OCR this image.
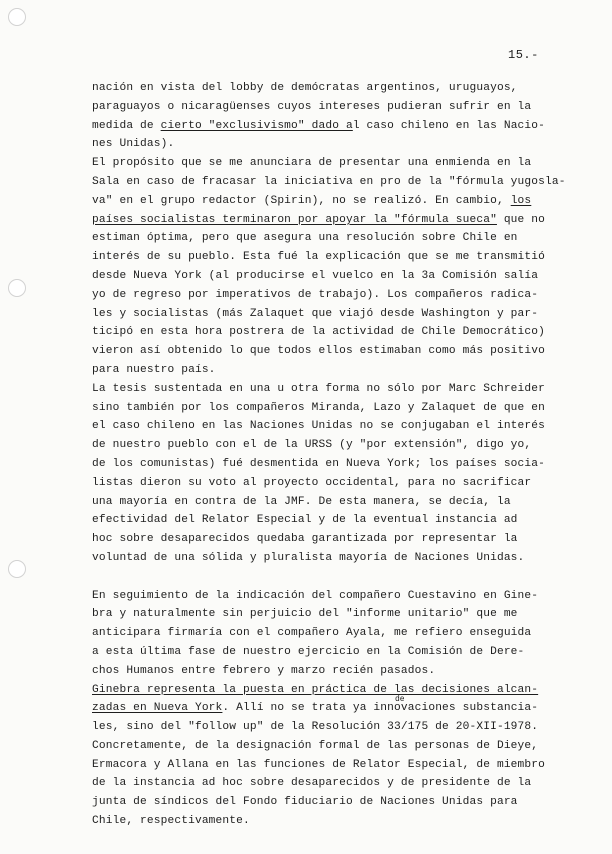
15.-
nación en vista del lobby de demócratas argentinos, uruguayos,
paraguayos o nicaragüenses cuyos intereses pudieran sufrir en la
medida de cierto "exclusivismo" dado al caso chileno en las Nacio-
nes Unidas).
El propósito que se me anunciara de presentar una enmienda en la
Sala en caso de fracasar la iniciativa en pro de la "fórmula yugosla-
va" en el grupo redactor (Spirin), no se realizó. En cambio, los
países socialistas terminaron por apoyar la "fórmula sueca" que no
estiman óptima, pero que asegura una resolución sobre Chile en
interés de su pueblo. Esta fué la explicación que se me transmitió
desde Nueva York (al producirse el vuelco en la 3a Comisión salía
yo de regreso por imperativos de trabajo). Los compañeros radica-
les y socialistas (más Zalaquet que viajó desde Washington y par-
ticipó en esta hora postrera de la actividad de Chile Democrático)
vieron así obtenido lo que todos ellos estimaban como más positivo
para nuestro país.
La tesis sustentada en una u otra forma no sólo por Marc Schreider
sino también por los compañeros Miranda, Lazo y Zalaquet de que en
el caso chileno en las Naciones Unidas no se conjugaban el interés
de nuestro pueblo con el de la URSS (y "por extensión", digo yo,
de los comunistas) fué desmentida en Nueva York; los países socia-
listas dieron su voto al proyecto occidental, para no sacrificar
una mayoría en contra de la JMF. De esta manera, se decía, la
efectividad del Relator Especial y de la eventual instancia ad
hoc sobre desaparecidos quedaba garantizada por representar la
voluntad de una sólida y pluralista mayoría de Naciones Unidas.
En seguimiento de la indicación del compañero Cuestavino en Gine-
bra y naturalmente sin perjuicio del "informe unitario" que me
anticipara firmaría con el compañero Ayala, me refiero enseguida
a esta última fase de nuestro ejercicio en la Comisión de Dere-
chos Humanos entre febrero y marzo recién pasados.
Ginebra representa la puesta en práctica de las decisiones alcan-
zadas en Nueva York. Allí no se trata ya innovaciones substancia-
de
les, sino del "follow up" de la Resolución 33/175 de 20-XII-1978.
Concretamente, de la designación formal de las personas de Dieye,
Ermacora y Allana en las funciones de Relator Especial, de miembro
de la instancia ad hoc sobre desaparecidos y de presidente de la
junta de síndicos del Fondo fiduciario de Naciones Unidas para
Chile, respectivamente.
